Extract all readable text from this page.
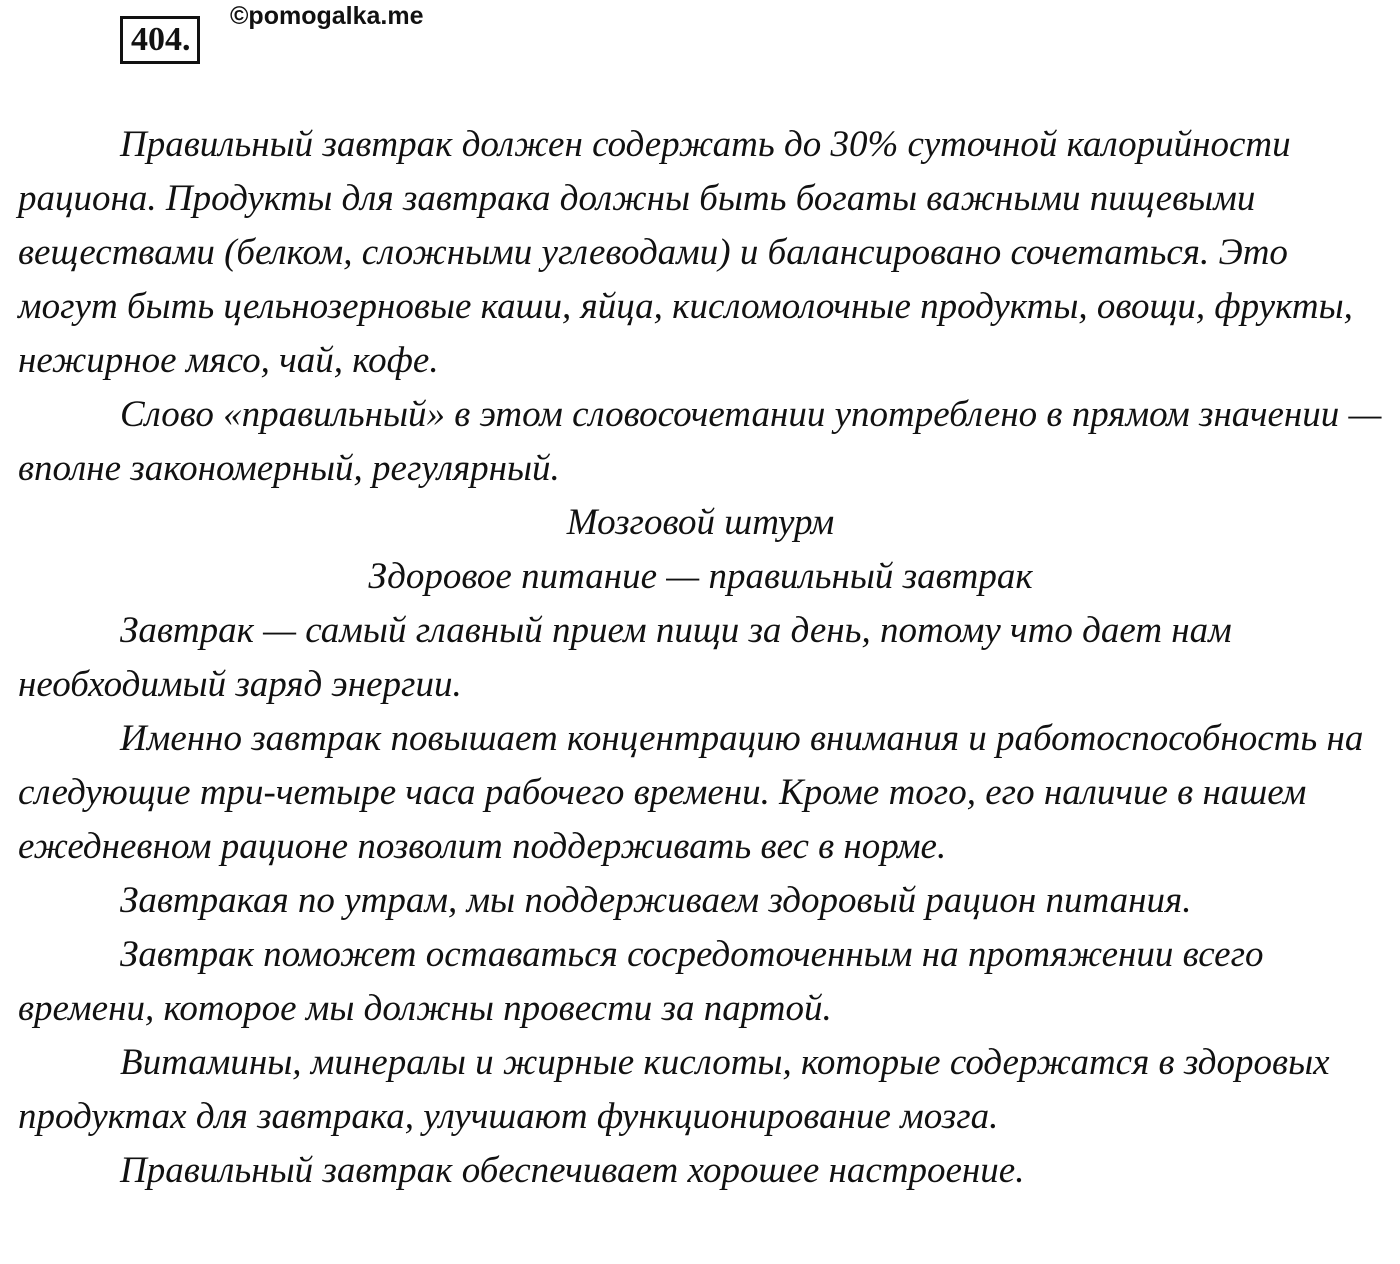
404.
©pomogalka.me

Правильный завтрак должен содержать до 30% суточной калорийности рациона. Продукты для завтрака должны быть богаты важными пищевыми веществами (белком, сложными углеводами) и балансировано сочетаться. Это могут быть цельнозерновые каши, яйца, кисломолочные продукты, овощи, фрукты, нежирное мясо, чай, кофе.

Слово «правильный» в этом словосочетании употреблено в прямом значении — вполне закономерный, регулярный.

Мозговой штурм

Здоровое питание — правильный завтрак

Завтрак — самый главный прием пищи за день, потому что дает нам необходимый заряд энергии.

Именно завтрак повышает концентрацию внимания и работоспособность на следующие три-четыре часа рабочего времени. Кроме того, его наличие в нашем ежедневном рационе позволит поддерживать вес в норме.

Завтракая по утрам, мы поддерживаем здоровый рацион питания.

Завтрак поможет оставаться сосредоточенным на протяжении всего времени, которое мы должны провести за партой.

Витамины, минералы и жирные кислоты, которые содержатся в здоровых продуктах для завтрака, улучшают функционирование мозга.

Правильный завтрак обеспечивает хорошее настроение.
